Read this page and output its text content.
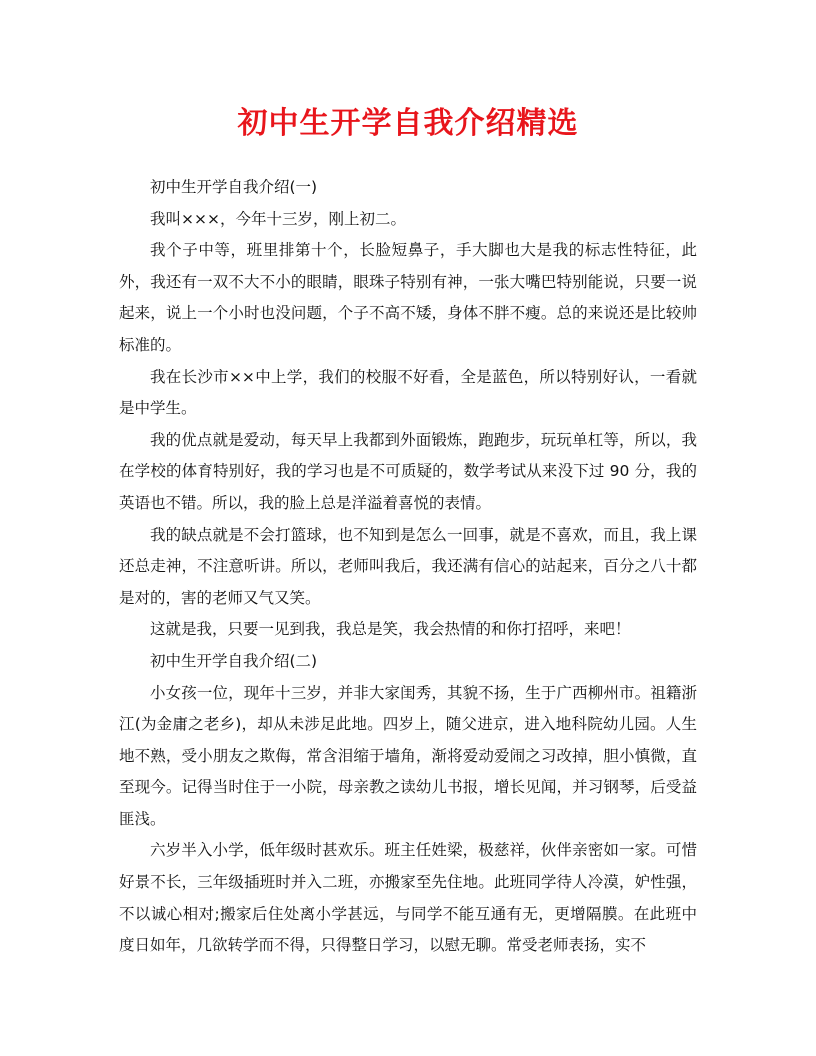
初中生开学自我介绍精选

初中生开学自我介绍(一)

我叫×××，今年十三岁，刚上初二。

我个子中等，班里排第十个，长脸短鼻子，手大脚也大是我的标志性特征，此外，我还有一双不大不小的眼睛，眼珠子特别有神，一张大嘴巴特别能说，只要一说起来，说上一个小时也没问题，个子不高不矮，身体不胖不瘦。总的来说还是比较帅标准的。

我在长沙市××中上学，我们的校服不好看，全是蓝色，所以特别好认，一看就是中学生。

我的优点就是爱动，每天早上我都到外面锻炼，跑跑步，玩玩单杠等，所以，我在学校的体育特别好，我的学习也是不可质疑的，数学考试从来没下过 90 分，我的英语也不错。所以，我的脸上总是洋溢着喜悦的表情。

我的缺点就是不会打篮球，也不知到是怎么一回事，就是不喜欢，而且，我上课还总走神，不注意听讲。所以，老师叫我后，我还满有信心的站起来，百分之八十都是对的，害的老师又气又笑。

这就是我，只要一见到我，我总是笑，我会热情的和你打招呼，来吧！

初中生开学自我介绍(二)

小女孩一位，现年十三岁，并非大家闺秀，其貌不扬，生于广西柳州市。祖籍浙江(为金庸之老乡)，却从未涉足此地。四岁上，随父进京，进入地科院幼儿园。人生地不熟，受小朋友之欺侮，常含泪缩于墙角，渐将爱动爱闹之习改掉，胆小慎微，直至现今。记得当时住于一小院，母亲教之读幼儿书报，增长见闻，并习钢琴，后受益匪浅。

六岁半入小学，低年级时甚欢乐。班主任姓梁，极慈祥，伙伴亲密如一家。可惜好景不长，三年级插班时并入二班，亦搬家至先住地。此班同学待人冷漠，妒性强，不以诚心相对;搬家后住处离小学甚远，与同学不能互通有无，更增隔膜。在此班中度日如年，几欲转学而不得，只得整日学习，以慰无聊。常受老师表扬，实不
